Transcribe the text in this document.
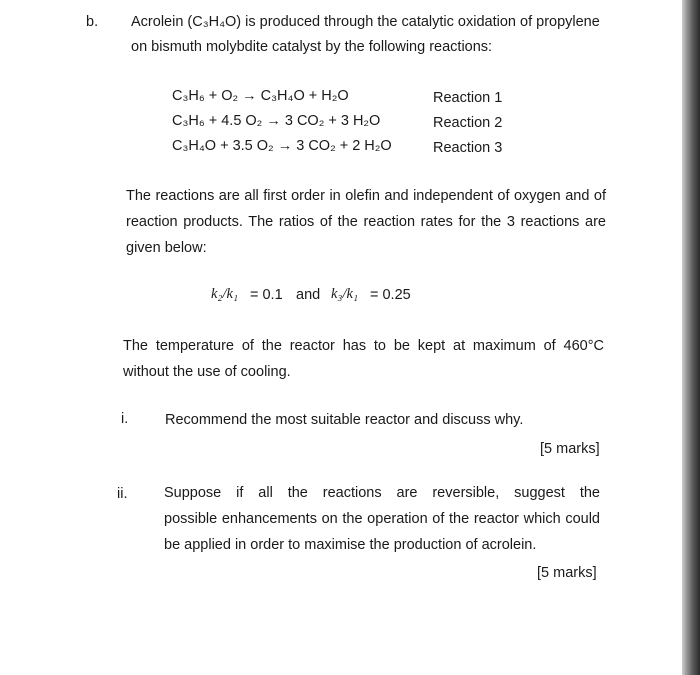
b. Acrolein (C₃H₄O) is produced through the catalytic oxidation of propylene
on bismuth molybdite catalyst by the following reactions:
C₃H₆ + O₂ → C₃H₄O + H₂O	Reaction 1
C₃H₆ + 4.5 O₂ → 3 CO₂ + 3 H₂O	Reaction 2
C₃H₄O + 3.5 O₂ → 3 CO₂ + 2 H₂O	Reaction 3
The reactions are all first order in olefin and independent of oxygen and of
reaction products. The ratios of the reaction rates for the 3 reactions are
given below:
k₂/k₁ = 0.1 and k₃/k₁ = 0.25
The temperature of the reactor has to be kept at maximum of 460°C
without the use of cooling.
i.	Recommend the most suitable reactor and discuss why.
[5 marks]
ii.	Suppose if all the reactions are reversible, suggest the
possible enhancements on the operation of the reactor which could
be applied in order to maximise the production of acrolein.
[5 marks]
